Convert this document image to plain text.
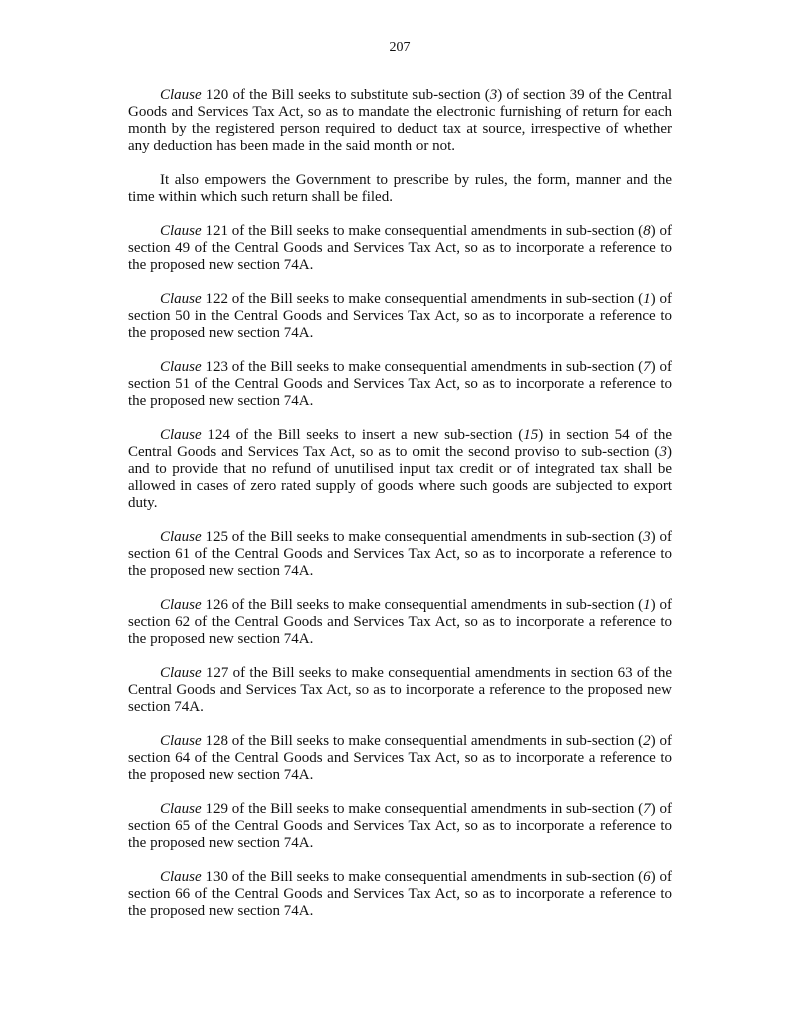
207

Clause 120 of the Bill seeks to substitute sub-section (3) of section 39 of the Central Goods and Services Tax Act, so as to mandate the electronic furnishing of return for each month by the registered person required to deduct tax at source, irrespective of whether any deduction has been made in the said month or not.

It also empowers the Government to prescribe by rules, the form, manner and the time within which such return shall be filed.

Clause 121 of the Bill seeks to make consequential amendments in sub-section (8) of section 49 of the Central Goods and Services Tax Act, so as to incorporate a reference to the proposed new section 74A.

Clause 122 of the Bill seeks to make consequential amendments in sub-section (1) of section 50 in the Central Goods and Services Tax Act, so as to incorporate a reference to the proposed new section 74A.

Clause 123 of the Bill seeks to make consequential amendments in sub-section (7) of section 51 of the Central Goods and Services Tax Act, so as to incorporate a reference to the proposed new section 74A.

Clause 124 of the Bill seeks to insert a new sub-section (15) in section 54 of the Central Goods and Services Tax Act, so as to omit the second proviso to sub-section (3) and to provide that no refund of unutilised input tax credit or of integrated tax shall be allowed in cases of zero rated supply of goods where such goods are subjected to export duty.

Clause 125 of the Bill seeks to make consequential amendments in sub-section (3) of section 61 of the Central Goods and Services Tax Act, so as to incorporate a reference to the proposed new section 74A.

Clause 126 of the Bill seeks to make consequential amendments in sub-section (1) of section 62 of the Central Goods and Services Tax Act, so as to incorporate a reference to the proposed new section 74A.

Clause 127 of the Bill seeks to make consequential amendments in section 63 of the Central Goods and Services Tax Act, so as to incorporate a reference to the proposed new section 74A.

Clause 128 of the Bill seeks to make consequential amendments in sub-section (2) of section 64 of the Central Goods and Services Tax Act, so as to incorporate a reference to the proposed new section 74A.

Clause 129 of the Bill seeks to make consequential amendments in sub-section (7) of section 65 of the Central Goods and Services Tax Act, so as to incorporate a reference to the proposed new section 74A.

Clause 130 of the Bill seeks to make consequential amendments in sub-section (6) of section 66 of the Central Goods and Services Tax Act, so as to incorporate a reference to the proposed new section 74A.
